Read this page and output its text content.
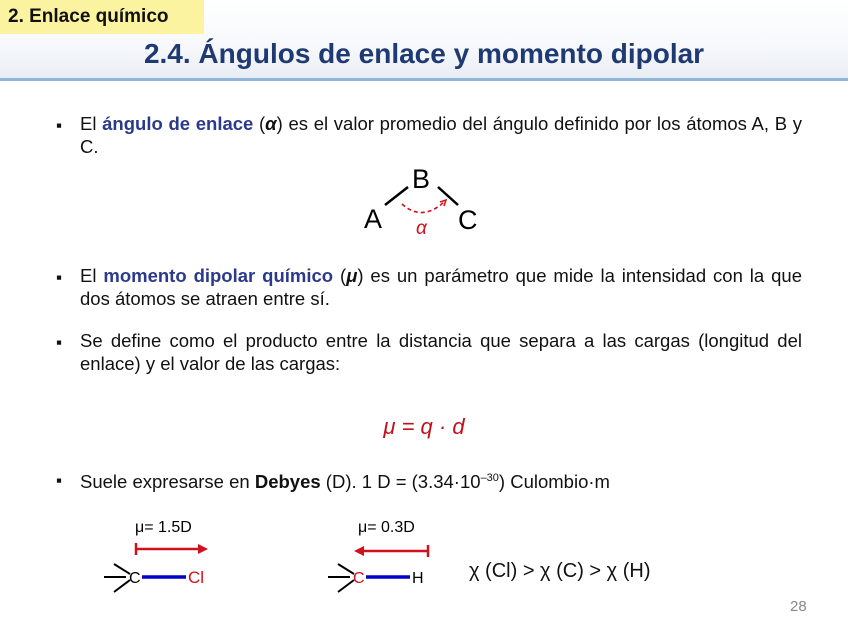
2. Enlace químico
2.4. Ángulos de enlace y momento dipolar
▪ El ángulo de enlace (α) es el valor promedio del ángulo definido por los átomos A, B y C.
A
B
C
α
▪ El momento dipolar químico (μ) es un parámetro que mide la intensidad con la que dos átomos se atraen entre sí.
▪ Se define como el producto entre la distancia que separa a las cargas (longitud del enlace) y el valor de las cargas:
μ = q · d
▪ Suele expresarse en Debyes (D). 1 $D = (3.34\cdot 10^{-30})$ Culombio·m
μ= 1.5D
C	Cl
μ= 0.3D
C	H χ (Cl) > χ (C) > χ (H)
28
